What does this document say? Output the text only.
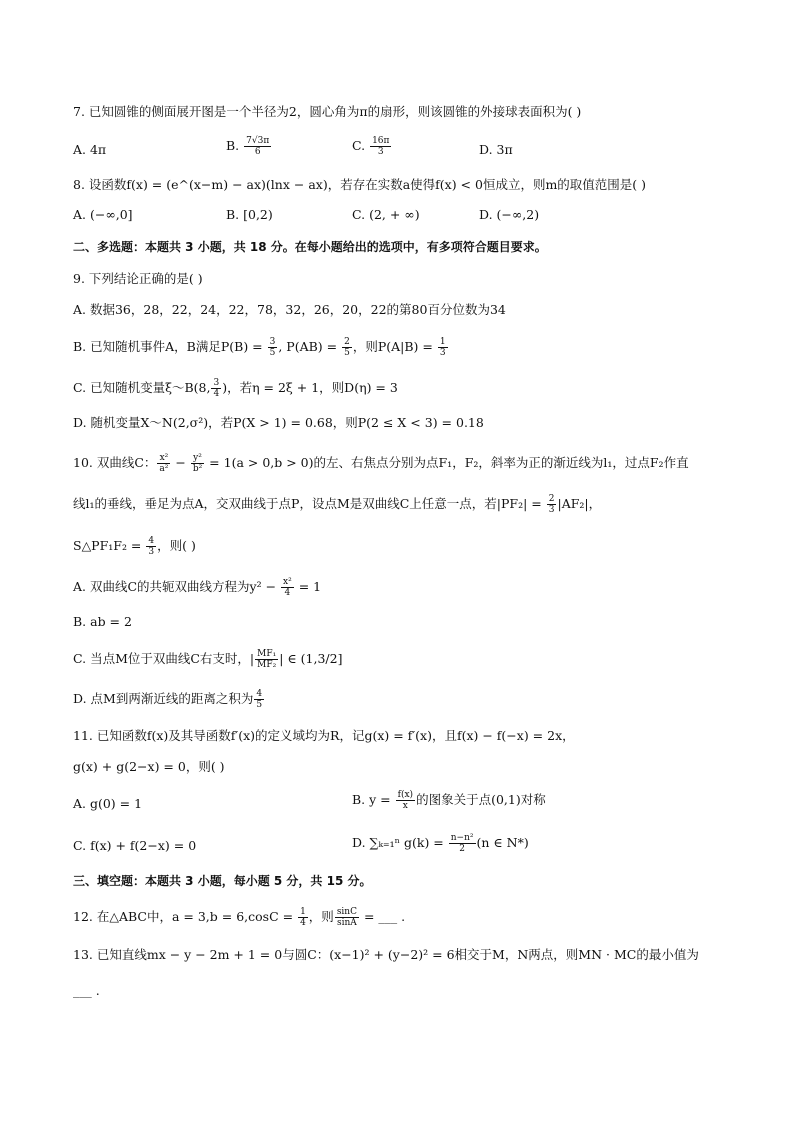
7. 已知圆锥的侧面展开图是一个半径为2，圆心角为π的扇形，则该圆锥的外接球表面积为( )
A. 4π	B. $\frac{7√3\pi}{6}$	C. $\frac{16\pi}{3}$	D. 3π
8. 设函数f(x) = (e^(x−m) − ax)(lnx − ax)，若存在实数a使得f(x) < 0恒成立，则m的取值范围是( )
A. (−∞,0]	B. [0,2)	C. (2, + ∞)	D. (−∞,2)
二、多选题：本题共 3 小题，共 18 分。在每小题给出的选项中，有多项符合题目要求。
9. 下列结论正确的是( )
A. 数据36，28，22，24，22，78，32，26，20，22的第80百分位数为34
B. 已知随机事件A，B满足$P(B) = \frac{3}{5}$ , $P(AB) = \frac{2}{5}$ ，则$P(A|B) = \frac{1}{3}$
C. 已知随机变量ξ～B(8, $\frac{3}{4}$ )，若η = 2ξ + 1，则D(η) = 3
D. 随机变量X～N(2,σ²)，若P(X > 1) = 0.68，则P(2 ≤ X < 3) = 0.18
10. 双曲线C： $\frac{\text{x²}}{\text{a²}} - \frac{\text{y²}}{\text{b²}} = 1(a > 0,b > 0)$的左、右焦点分别为点F₁，F₂，斜率为正的渐近线为l₁，过点F₂作直
线l₁的垂线，垂足为点A，交双曲线于点P，设点M是双曲线C上任意一点，若$|PF_2| = \frac{2}{3} |AF_2|$，
S△PF₁F₂ = $\frac{4}{3}$ ，则( )
A. 双曲线C的共轭双曲线方程为$y^2 - \frac{\text{x²}}{4} = 1$
B. ab = 2
C. 当点M位于双曲线C右支时，| $\frac{\text{MF₁}}{\text{MF₂}}$ | ∈ (1,3/2]
D. 点M到两渐近线的距离之积为 $\frac{4}{5}$
11. 已知函数f(x)及其导函数f′(x)的定义域均为R，记g(x) = f′(x)，且f(x) − f(−x) = 2x，
g(x) + g(2−x) = 0，则( )
A. g(0) = 1	B. $y = \frac{f(x)}{x}$ 的图象关于点(0,1)对称
C. f(x) + f(2−x) = 0	D. ∑ₖ₌₁ⁿ $g(k) = \frac{\text{n−n²}}{2} (n$ ∈ N*)
三、填空题：本题共 3 小题，每小题 5 分，共 15 分。
12. 在△ABC中，$a = 3,b = 6,\cos C = \frac{1}{4}$ ，则 $\frac{\sin C}{\sin A}$ = ___ .
13. 已知直线mx − y − 2m + 1 = 0与圆C：(x−1)² + (y−2)² = 6相交于M，N两点，则MN · MC的最小值为
___ .
